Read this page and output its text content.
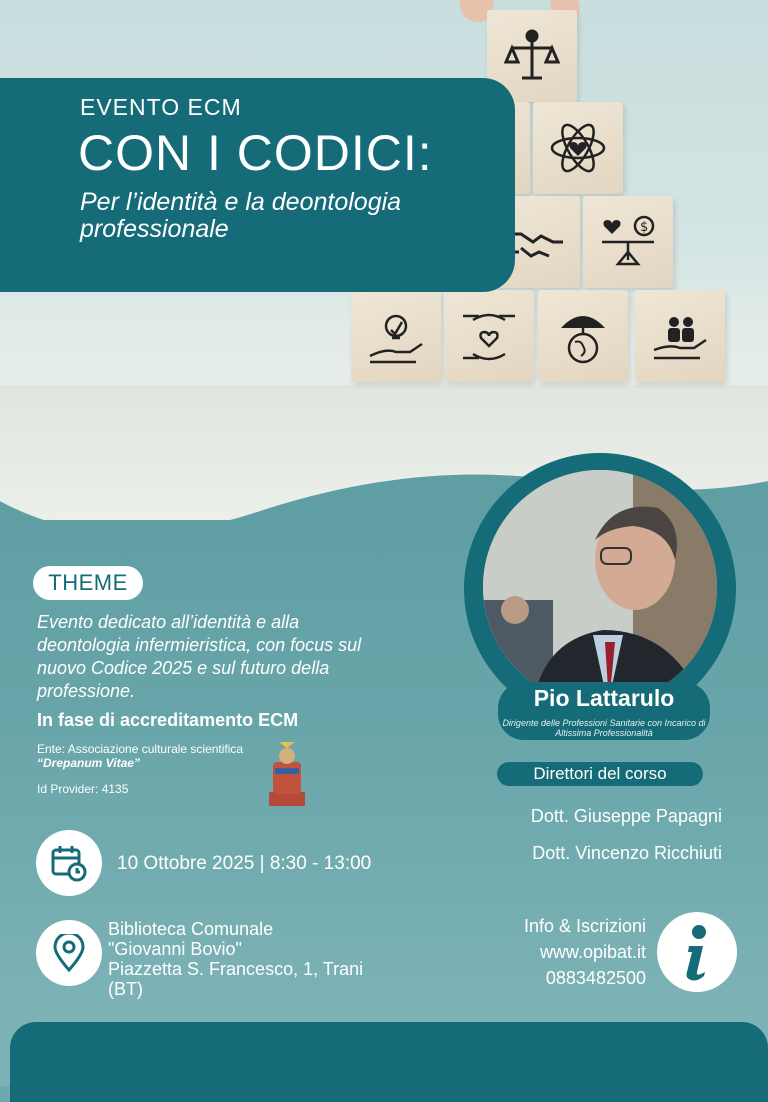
$
EVENTO ECM
CON I CODICI:
Per l’identità e la deontologia professionale
Pio Lattarulo
Dirigente delle Professioni Sanitarie con Incarico di Altissima Professionalità
Direttori del corso
Dott. Giuseppe Papagni
Dott. Vincenzo Ricchiuti
THEME
Evento dedicato all’identità e alla deontologia infermieristica, con focus sul nuovo Codice 2025 e sul futuro della professione.
In fase di accreditamento ECM
Ente: Associazione culturale scientifica “Drepanum Vitae”
Id Provider: 4135
10 Ottobre 2025 | 8:30 - 13:00
Biblioteca Comunale
"Giovanni Bovio"
Piazzetta S. Francesco, 1, Trani
(BT)
Info & Iscrizioni
www.opibat.it
0883482500
